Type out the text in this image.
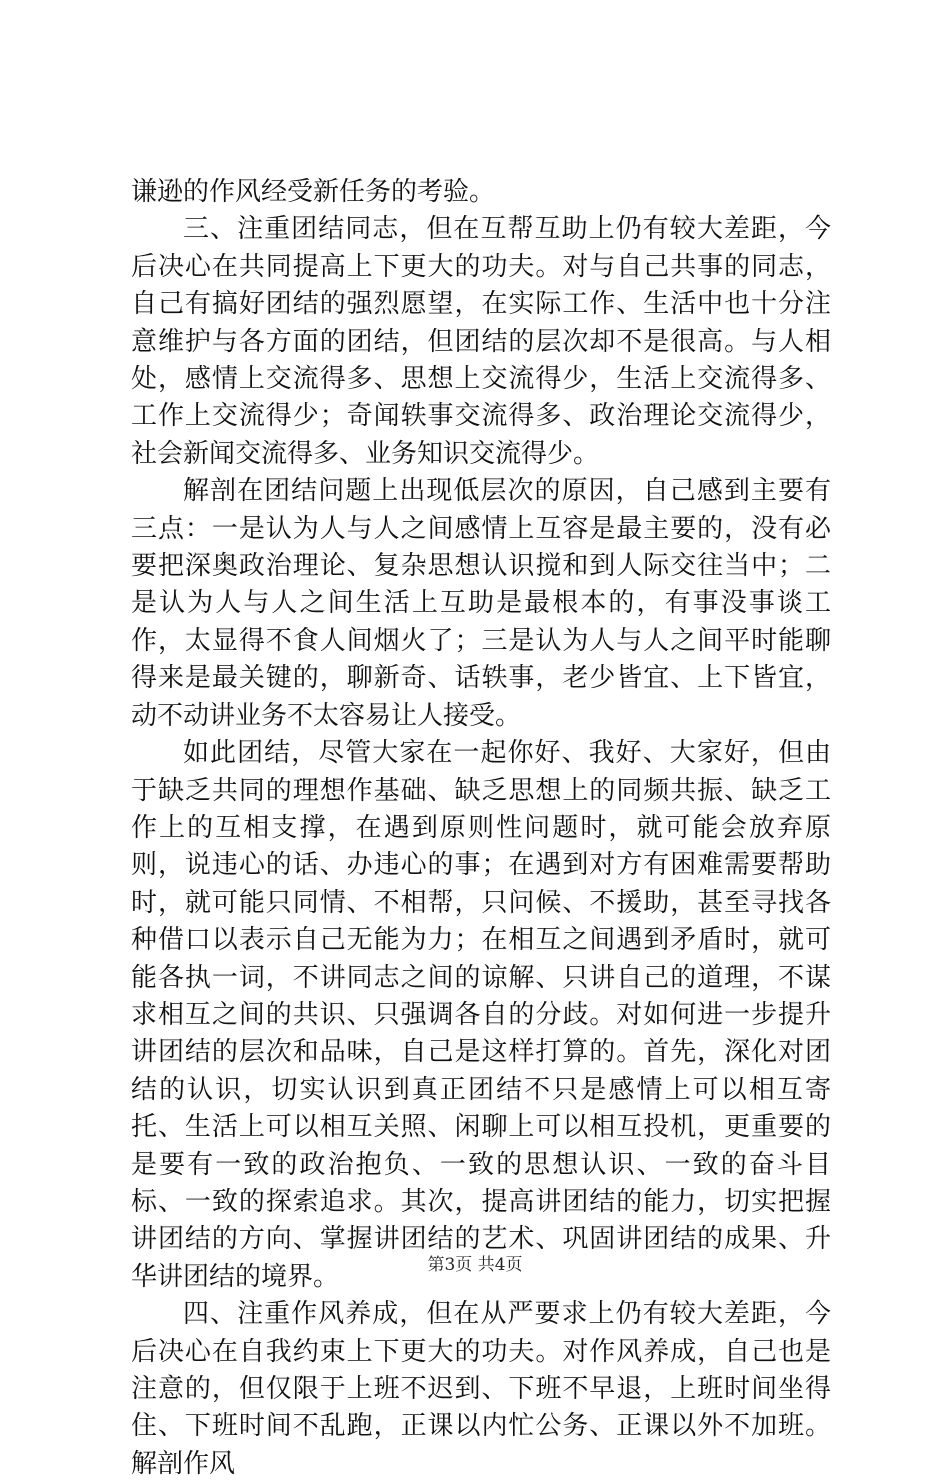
谦逊的作风经受新任务的考验。

三、注重团结同志，但在互帮互助上仍有较大差距，今后决心在共同提高上下更大的功夫。对与自己共事的同志，自己有搞好团结的强烈愿望，在实际工作、生活中也十分注意维护与各方面的团结，但团结的层次却不是很高。与人相处，感情上交流得多、思想上交流得少，生活上交流得多、工作上交流得少；奇闻轶事交流得多、政治理论交流得少，社会新闻交流得多、业务知识交流得少。

解剖在团结问题上出现低层次的原因，自己感到主要有三点：一是认为人与人之间感情上互容是最主要的，没有必要把深奥政治理论、复杂思想认识搅和到人际交往当中；二是认为人与人之间生活上互助是最根本的，有事没事谈工作，太显得不食人间烟火了；三是认为人与人之间平时能聊得来是最关键的，聊新奇、话轶事，老少皆宜、上下皆宜，动不动讲业务不太容易让人接受。

如此团结，尽管大家在一起你好、我好、大家好，但由于缺乏共同的理想作基础、缺乏思想上的同频共振、缺乏工作上的互相支撑，在遇到原则性问题时，就可能会放弃原则，说违心的话、办违心的事；在遇到对方有困难需要帮助时，就可能只同情、不相帮，只问候、不援助，甚至寻找各种借口以表示自己无能为力；在相互之间遇到矛盾时，就可能各执一词，不讲同志之间的谅解、只讲自己的道理，不谋求相互之间的共识、只强调各自的分歧。对如何进一步提升讲团结的层次和品味，自己是这样打算的。首先，深化对团结的认识，切实认识到真正团结不只是感情上可以相互寄托、生活上可以相互关照、闲聊上可以相互投机，更重要的是要有一致的政治抱负、一致的思想认识、一致的奋斗目标、一致的探索追求。其次，提高讲团结的能力，切实把握讲团结的方向、掌握讲团结的艺术、巩固讲团结的成果、升华讲团结的境界。

四、注重作风养成，但在从严要求上仍有较大差距，今后决心在自我约束上下更大的功夫。对作风养成，自己也是注意的，但仅限于上班不迟到、下班不早退，上班时间坐得住、下班时间不乱跑，正课以内忙公务、正课以外不加班。解剖作风

第3页 共4页
